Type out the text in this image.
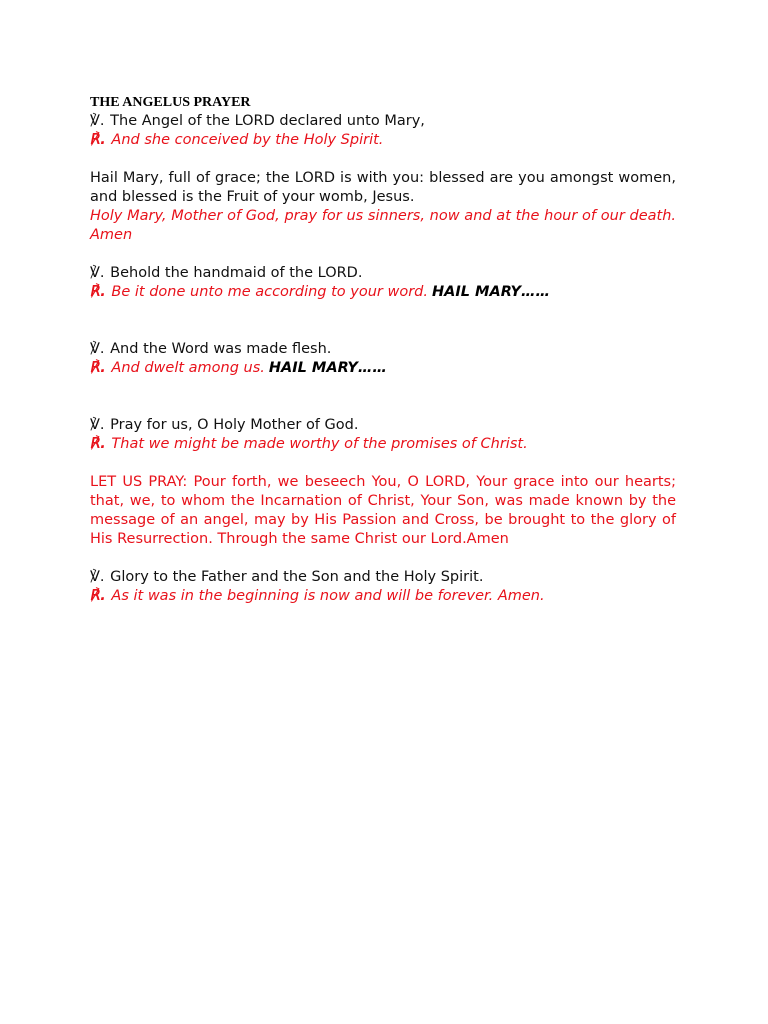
THE ANGELUS PRAYER
℣. The Angel of the LORD declared unto Mary,
℟. And she conceived by the Holy Spirit.
Hail Mary, full of grace; the LORD is with you: blessed are you amongst women, and blessed is the Fruit of your womb, Jesus.
Holy Mary, Mother of God, pray for us sinners, now and at the hour of our death. Amen
℣. Behold the handmaid of the LORD.
℟. Be it done unto me according to your word. HAIL MARY……
℣. And the Word was made flesh.
℟. And dwelt among us. HAIL MARY……
℣. Pray for us, O Holy Mother of God.
℟. That we might be made worthy of the promises of Christ.
LET US PRAY: Pour forth, we beseech You, O LORD, Your grace into our hearts; that, we, to whom the Incarnation of Christ, Your Son, was made known by the message of an angel, may by His Passion and Cross, be brought to the glory of His Resurrection. Through the same Christ our Lord.Amen
℣. Glory to the Father and the Son and the Holy Spirit.
℟. As it was in the beginning is now and will be forever. Amen.
